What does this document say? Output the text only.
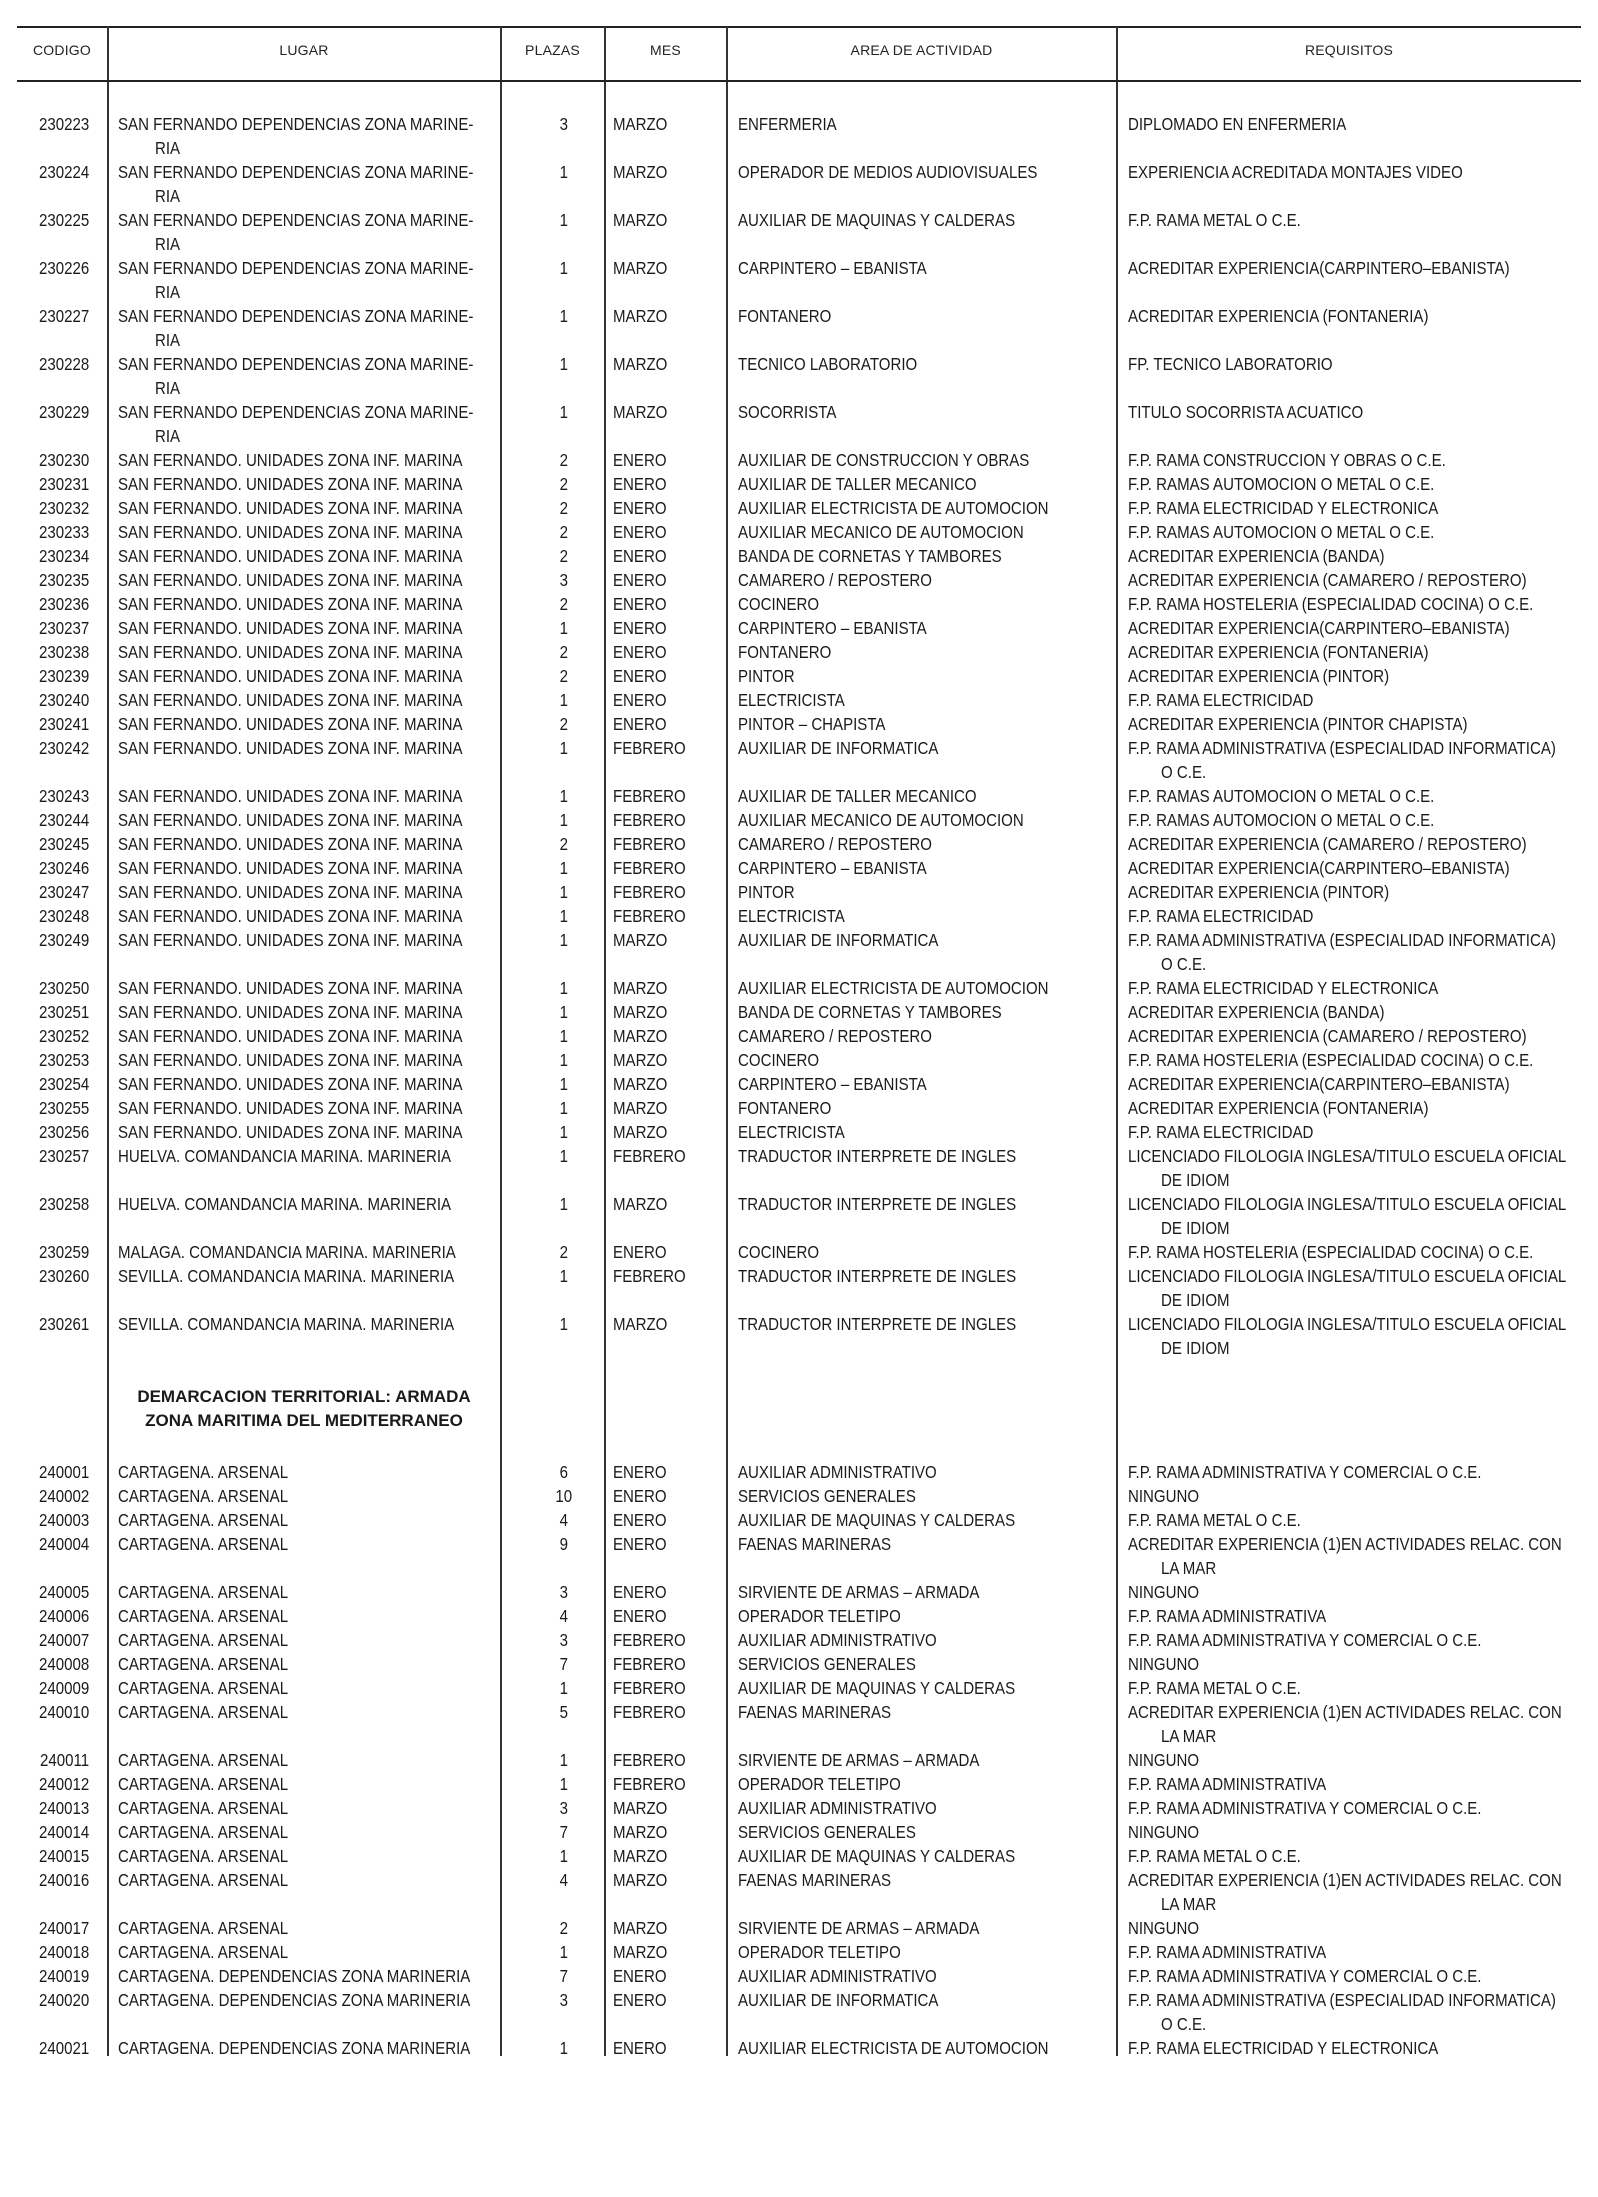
CODIGO	LUGAR	PLAZAS	MES	AREA DE ACTIVIDAD	REQUISITOS
230223	SAN FERNANDO DEPENDENCIAS ZONA MARINE-	3	MARZO	ENFERMERIA	DIPLOMADO EN ENFERMERIA
RIA
230224	SAN FERNANDO DEPENDENCIAS ZONA MARINE-	1	MARZO	OPERADOR DE MEDIOS AUDIOVISUALES	EXPERIENCIA ACREDITADA MONTAJES VIDEO
RIA
230225	SAN FERNANDO DEPENDENCIAS ZONA MARINE-	1	MARZO	AUXILIAR DE MAQUINAS Y CALDERAS	F.P. RAMA METAL O C.E.
RIA
230226	SAN FERNANDO DEPENDENCIAS ZONA MARINE-	1	MARZO	CARPINTERO – EBANISTA	ACREDITAR EXPERIENCIA(CARPINTERO–EBANISTA)
RIA
230227	SAN FERNANDO DEPENDENCIAS ZONA MARINE-	1	MARZO	FONTANERO	ACREDITAR EXPERIENCIA (FONTANERIA)
RIA
230228	SAN FERNANDO DEPENDENCIAS ZONA MARINE-	1	MARZO	TECNICO LABORATORIO	FP. TECNICO LABORATORIO
RIA
230229	SAN FERNANDO DEPENDENCIAS ZONA MARINE-	1	MARZO	SOCORRISTA	TITULO SOCORRISTA ACUATICO
RIA
230230	SAN FERNANDO. UNIDADES ZONA INF. MARINA	2	ENERO	AUXILIAR DE CONSTRUCCION Y OBRAS	F.P. RAMA CONSTRUCCION Y OBRAS O C.E.
230231	SAN FERNANDO. UNIDADES ZONA INF. MARINA	2	ENERO	AUXILIAR DE TALLER MECANICO	F.P. RAMAS AUTOMOCION O METAL O C.E.
230232	SAN FERNANDO. UNIDADES ZONA INF. MARINA	2	ENERO	AUXILIAR ELECTRICISTA DE AUTOMOCION	F.P. RAMA ELECTRICIDAD Y ELECTRONICA
230233	SAN FERNANDO. UNIDADES ZONA INF. MARINA	2	ENERO	AUXILIAR MECANICO DE AUTOMOCION	F.P. RAMAS AUTOMOCION O METAL O C.E.
230234	SAN FERNANDO. UNIDADES ZONA INF. MARINA	2	ENERO	BANDA DE CORNETAS Y TAMBORES	ACREDITAR EXPERIENCIA (BANDA)
230235	SAN FERNANDO. UNIDADES ZONA INF. MARINA	3	ENERO	CAMARERO / REPOSTERO	ACREDITAR EXPERIENCIA (CAMARERO / REPOSTERO)
230236	SAN FERNANDO. UNIDADES ZONA INF. MARINA	2	ENERO	COCINERO	F.P. RAMA HOSTELERIA (ESPECIALIDAD COCINA) O C.E.
230237	SAN FERNANDO. UNIDADES ZONA INF. MARINA	1	ENERO	CARPINTERO – EBANISTA	ACREDITAR EXPERIENCIA(CARPINTERO–EBANISTA)
230238	SAN FERNANDO. UNIDADES ZONA INF. MARINA	2	ENERO	FONTANERO	ACREDITAR EXPERIENCIA (FONTANERIA)
230239	SAN FERNANDO. UNIDADES ZONA INF. MARINA	2	ENERO	PINTOR	ACREDITAR EXPERIENCIA (PINTOR)
230240	SAN FERNANDO. UNIDADES ZONA INF. MARINA	1	ENERO	ELECTRICISTA	F.P. RAMA ELECTRICIDAD
230241	SAN FERNANDO. UNIDADES ZONA INF. MARINA	2	ENERO	PINTOR – CHAPISTA	ACREDITAR EXPERIENCIA (PINTOR CHAPISTA)
230242	SAN FERNANDO. UNIDADES ZONA INF. MARINA	1	FEBRERO	AUXILIAR DE INFORMATICA	F.P. RAMA ADMINISTRATIVA (ESPECIALIDAD INFORMATICA)
O C.E.
230243	SAN FERNANDO. UNIDADES ZONA INF. MARINA	1	FEBRERO	AUXILIAR DE TALLER MECANICO	F.P. RAMAS AUTOMOCION O METAL O C.E.
230244	SAN FERNANDO. UNIDADES ZONA INF. MARINA	1	FEBRERO	AUXILIAR MECANICO DE AUTOMOCION	F.P. RAMAS AUTOMOCION O METAL O C.E.
230245	SAN FERNANDO. UNIDADES ZONA INF. MARINA	2	FEBRERO	CAMARERO / REPOSTERO	ACREDITAR EXPERIENCIA (CAMARERO / REPOSTERO)
230246	SAN FERNANDO. UNIDADES ZONA INF. MARINA	1	FEBRERO	CARPINTERO – EBANISTA	ACREDITAR EXPERIENCIA(CARPINTERO–EBANISTA)
230247	SAN FERNANDO. UNIDADES ZONA INF. MARINA	1	FEBRERO	PINTOR	ACREDITAR EXPERIENCIA (PINTOR)
230248	SAN FERNANDO. UNIDADES ZONA INF. MARINA	1	FEBRERO	ELECTRICISTA	F.P. RAMA ELECTRICIDAD
230249	SAN FERNANDO. UNIDADES ZONA INF. MARINA	1	MARZO	AUXILIAR DE INFORMATICA	F.P. RAMA ADMINISTRATIVA (ESPECIALIDAD INFORMATICA)
O C.E.
230250	SAN FERNANDO. UNIDADES ZONA INF. MARINA	1	MARZO	AUXILIAR ELECTRICISTA DE AUTOMOCION	F.P. RAMA ELECTRICIDAD Y ELECTRONICA
230251	SAN FERNANDO. UNIDADES ZONA INF. MARINA	1	MARZO	BANDA DE CORNETAS Y TAMBORES	ACREDITAR EXPERIENCIA (BANDA)
230252	SAN FERNANDO. UNIDADES ZONA INF. MARINA	1	MARZO	CAMARERO / REPOSTERO	ACREDITAR EXPERIENCIA (CAMARERO / REPOSTERO)
230253	SAN FERNANDO. UNIDADES ZONA INF. MARINA	1	MARZO	COCINERO	F.P. RAMA HOSTELERIA (ESPECIALIDAD COCINA) O C.E.
230254	SAN FERNANDO. UNIDADES ZONA INF. MARINA	1	MARZO	CARPINTERO – EBANISTA	ACREDITAR EXPERIENCIA(CARPINTERO–EBANISTA)
230255	SAN FERNANDO. UNIDADES ZONA INF. MARINA	1	MARZO	FONTANERO	ACREDITAR EXPERIENCIA (FONTANERIA)
230256	SAN FERNANDO. UNIDADES ZONA INF. MARINA	1	MARZO	ELECTRICISTA	F.P. RAMA ELECTRICIDAD
230257	HUELVA. COMANDANCIA MARINA. MARINERIA	1	FEBRERO	TRADUCTOR INTERPRETE DE INGLES	LICENCIADO FILOLOGIA INGLESA/TITULO ESCUELA OFICIAL
DE IDIOM
230258	HUELVA. COMANDANCIA MARINA. MARINERIA	1	MARZO	TRADUCTOR INTERPRETE DE INGLES	LICENCIADO FILOLOGIA INGLESA/TITULO ESCUELA OFICIAL
DE IDIOM
230259	MALAGA. COMANDANCIA MARINA. MARINERIA	2	ENERO	COCINERO	F.P. RAMA HOSTELERIA (ESPECIALIDAD COCINA) O C.E.
230260	SEVILLA. COMANDANCIA MARINA. MARINERIA	1	FEBRERO	TRADUCTOR INTERPRETE DE INGLES	LICENCIADO FILOLOGIA INGLESA/TITULO ESCUELA OFICIAL
DE IDIOM
230261	SEVILLA. COMANDANCIA MARINA. MARINERIA	1	MARZO	TRADUCTOR INTERPRETE DE INGLES	LICENCIADO FILOLOGIA INGLESA/TITULO ESCUELA OFICIAL
DE IDIOM
240001	CARTAGENA. ARSENAL	6	ENERO	AUXILIAR ADMINISTRATIVO	F.P. RAMA ADMINISTRATIVA Y COMERCIAL O C.E.
240002	CARTAGENA. ARSENAL	10	ENERO	SERVICIOS GENERALES	NINGUNO
240003	CARTAGENA. ARSENAL	4	ENERO	AUXILIAR DE MAQUINAS Y CALDERAS	F.P. RAMA METAL O C.E.
240004	CARTAGENA. ARSENAL	9	ENERO	FAENAS MARINERAS	ACREDITAR EXPERIENCIA (1)EN ACTIVIDADES RELAC. CON
LA MAR
240005	CARTAGENA. ARSENAL	3	ENERO	SIRVIENTE DE ARMAS – ARMADA	NINGUNO
240006	CARTAGENA. ARSENAL	4	ENERO	OPERADOR TELETIPO	F.P. RAMA ADMINISTRATIVA
240007	CARTAGENA. ARSENAL	3	FEBRERO	AUXILIAR ADMINISTRATIVO	F.P. RAMA ADMINISTRATIVA Y COMERCIAL O C.E.
240008	CARTAGENA. ARSENAL	7	FEBRERO	SERVICIOS GENERALES	NINGUNO
240009	CARTAGENA. ARSENAL	1	FEBRERO	AUXILIAR DE MAQUINAS Y CALDERAS	F.P. RAMA METAL O C.E.
240010	CARTAGENA. ARSENAL	5	FEBRERO	FAENAS MARINERAS	ACREDITAR EXPERIENCIA (1)EN ACTIVIDADES RELAC. CON
LA MAR
240011	CARTAGENA. ARSENAL	1	FEBRERO	SIRVIENTE DE ARMAS – ARMADA	NINGUNO
240012	CARTAGENA. ARSENAL	1	FEBRERO	OPERADOR TELETIPO	F.P. RAMA ADMINISTRATIVA
240013	CARTAGENA. ARSENAL	3	MARZO	AUXILIAR ADMINISTRATIVO	F.P. RAMA ADMINISTRATIVA Y COMERCIAL O C.E.
240014	CARTAGENA. ARSENAL	7	MARZO	SERVICIOS GENERALES	NINGUNO
240015	CARTAGENA. ARSENAL	1	MARZO	AUXILIAR DE MAQUINAS Y CALDERAS	F.P. RAMA METAL O C.E.
240016	CARTAGENA. ARSENAL	4	MARZO	FAENAS MARINERAS	ACREDITAR EXPERIENCIA (1)EN ACTIVIDADES RELAC. CON
LA MAR
240017	CARTAGENA. ARSENAL	2	MARZO	SIRVIENTE DE ARMAS – ARMADA	NINGUNO
240018	CARTAGENA. ARSENAL	1	MARZO	OPERADOR TELETIPO	F.P. RAMA ADMINISTRATIVA
240019	CARTAGENA. DEPENDENCIAS ZONA MARINERIA	7	ENERO	AUXILIAR ADMINISTRATIVO	F.P. RAMA ADMINISTRATIVA Y COMERCIAL O C.E.
240020	CARTAGENA. DEPENDENCIAS ZONA MARINERIA	3	ENERO	AUXILIAR DE INFORMATICA	F.P. RAMA ADMINISTRATIVA (ESPECIALIDAD INFORMATICA)
O C.E.
240021	CARTAGENA. DEPENDENCIAS ZONA MARINERIA	1	ENERO	AUXILIAR ELECTRICISTA DE AUTOMOCION	F.P. RAMA ELECTRICIDAD Y ELECTRONICA
DEMARCACION TERRITORIAL: ARMADA
ZONA MARITIMA DEL MEDITERRANEO
